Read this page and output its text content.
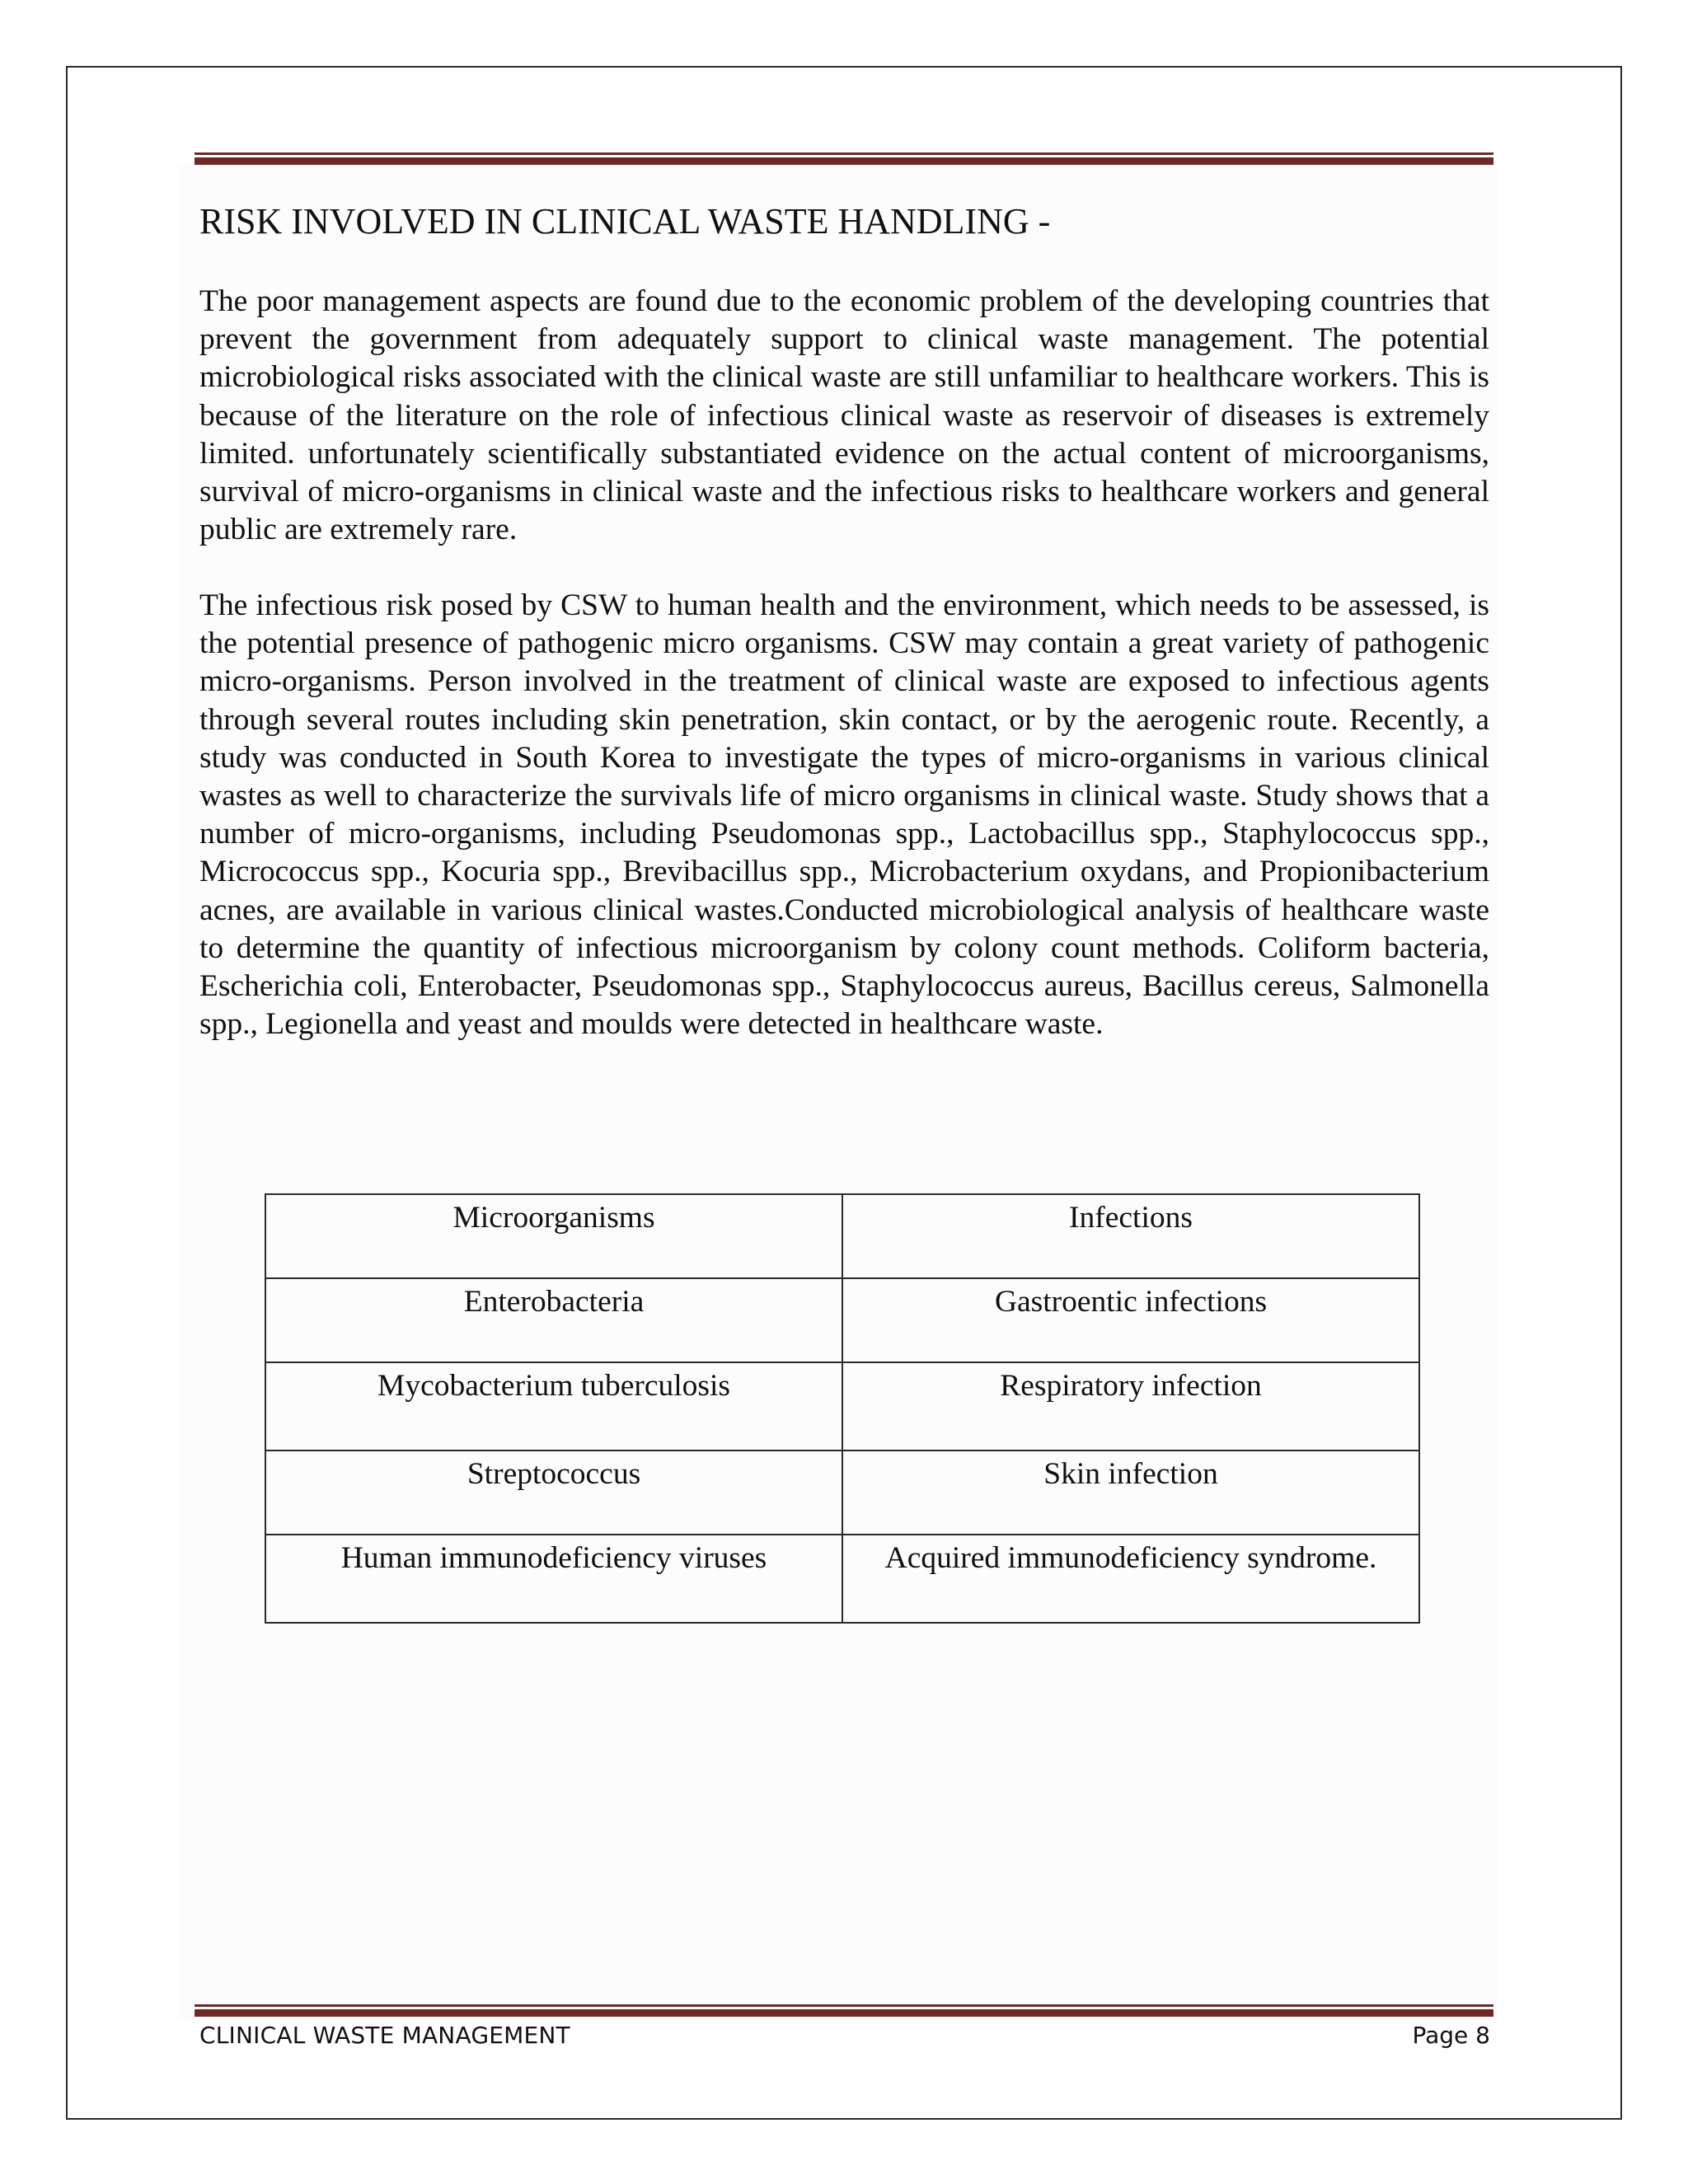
RISK INVOLVED IN CLINICAL WASTE HANDLING -

The poor management aspects are found due to the economic problem of the developing countries that prevent the government from adequately support to clinical waste management. The potential microbiological risks associated with the clinical waste are still unfamiliar to healthcare workers. This is because of the literature on the role of infectious clinical waste as reservoir of diseases is extremely limited. unfortunately scientifically substantiated evidence on the actual content of microorganisms, survival of micro-organisms in clinical waste and the infectious risks to healthcare workers and general public are extremely rare.

The infectious risk posed by CSW to human health and the environment, which needs to be assessed, is the potential presence of pathogenic micro organisms. CSW may contain a great variety of pathogenic micro-organisms. Person involved in the treatment of clinical waste are exposed to infectious agents through several routes including skin penetration, skin contact, or by the aerogenic route. Recently, a study was conducted in South Korea to investigate the types of micro-organisms in various clinical wastes as well to characterize the survivals life of micro organisms in clinical waste. Study shows that a number of micro-organisms, including Pseudomonas spp., Lactobacillus spp., Staphylococcus spp., Micrococcus spp., Kocuria spp., Brevibacillus spp., Microbacterium oxydans, and Propionibacterium acnes, are available in various clinical wastes.Conducted microbiological analysis of healthcare waste to determine the quantity of infectious microorganism by colony count methods. Coliform bacteria, Escherichia coli, Enterobacter, Pseudomonas spp., Staphylococcus aureus, Bacillus cereus, Salmonella spp., Legionella and yeast and moulds were detected in healthcare waste.

Microorganisms	Infections
Enterobacteria	Gastroentic infections
Mycobacterium tuberculosis	Respiratory infection
Streptococcus	Skin infection
Human immunodeficiency viruses	Acquired immunodeficiency syndrome.
CLINICAL WASTE MANAGEMENT	Page 8
